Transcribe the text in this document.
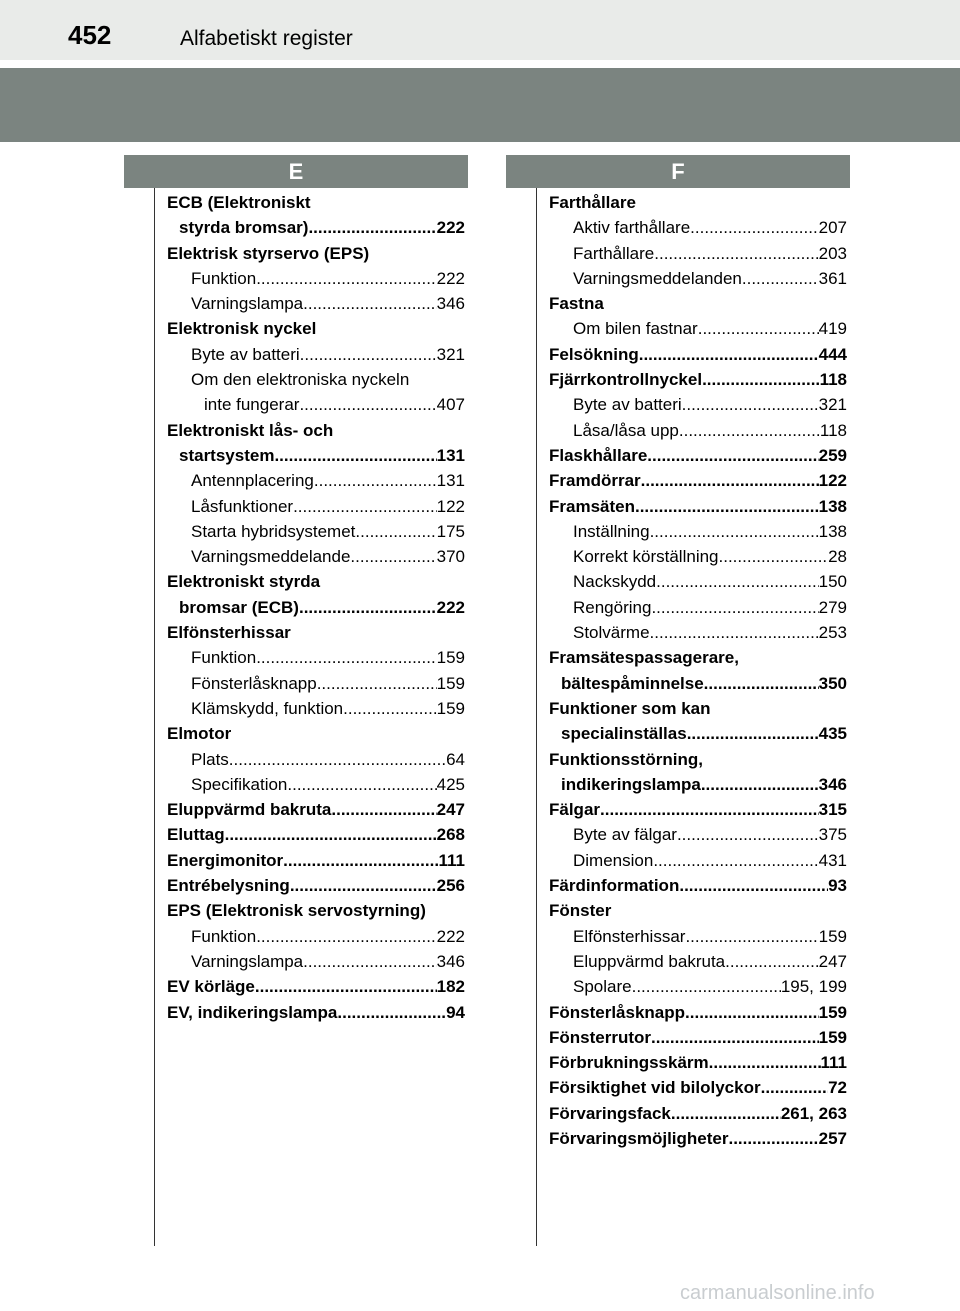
452	Alfabetiskt register
E	F
ECB (Elektroniskt
styrda bromsar) .....	222
Elektrisk styrservo (EPS)
Funktion .....	222
Varningslampa .....	346
Elektronisk nyckel
Byte av batteri .....	321
Om den elektroniska nyckeln
inte fungerar .....	407
Elektroniskt lås- och
startsystem .....	131
Antennplacering .....	131
Låsfunktioner .....	122
Starta hybridsystemet .....	175
Varningsmeddelande .....	370
Elektroniskt styrda
bromsar (ECB) .....	222
Elfönsterhissar
Funktion .....	159
Fönsterlåsknapp .....	159
Klämskydd, funktion .....	159
Elmotor
Plats .....	64
Specifikation .....	425
Eluppvärmd bakruta .....	247
Eluttag .....	268
Energimonitor .....	111
Entrébelysning .....	256
EPS (Elektronisk servostyrning)
Funktion .....	222
Varningslampa .....	346
EV körläge .....	182
EV, indikeringslampa .....	94
Farthållare
Aktiv farthållare .....	207
Farthållare .....	203
Varningsmeddelanden .....	361
Fastna
Om bilen fastnar .....	419
Felsökning .....	444
Fjärrkontrollnyckel .....	118
Byte av batteri .....	321
Låsa/låsa upp .....	118
Flaskhållare .....	259
Framdörrar .....	122
Framsäten .....	138
Inställning .....	138
Korrekt körställning .....	28
Nackskydd .....	150
Rengöring .....	279
Stolvärme .....	253
Framsätespassagerare,
bältespåminnelse .....	350
Funktioner som kan
specialinställas .....	435
Funktionsstörning,
indikeringslampa .....	346
Fälgar .....	315
Byte av fälgar .....	375
Dimension .....	431
Färdinformation .....	93
Fönster
Elfönsterhissar .....	159
Eluppvärmd bakruta .....	247
Spolare .....	195, 199
Fönsterlåsknapp .....	159
Fönsterrutor .....	159
Förbrukningsskärm .....	111
Försiktighet vid bilolyckor .....	72
Förvaringsfack .....	261, 263
Förvaringsmöjligheter .....	257
carmanualsonline.info
